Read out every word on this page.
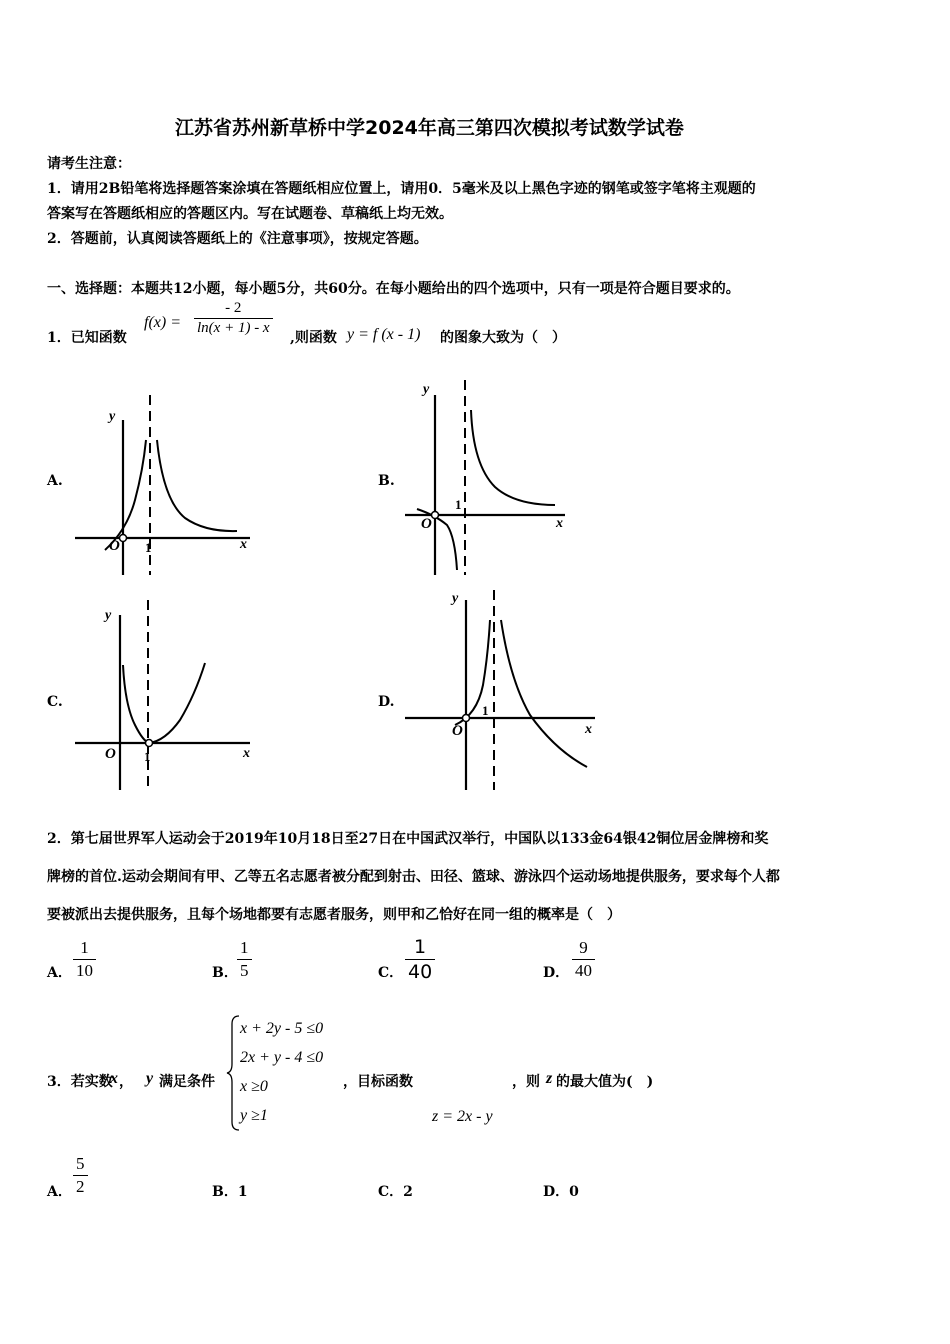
江苏省苏州新草桥中学2024年高三第四次模拟考试数学试卷
请考生注意：
1．请用2B铅笔将选择题答案涂填在答题纸相应位置上，请用0．5毫米及以上黑色字迹的钢笔或签字笔将主观题的
答案写在答题纸相应的答题区内。写在试题卷、草稿纸上均无效。
2．答题前，认真阅读答题纸上的《注意事项》，按规定答题。
一、选择题：本题共12小题，每小题5分，共60分。在每小题给出的四个选项中，只有一项是符合题目要求的。
1．已知函数
f(x) =
- 2
ln(x + 1) - x
,则函数 y = f (x - 1) 的图象大致为（　）
A.
y
x
O 1
B.
y
x
O
1
C.
y
x
O 1
D.
y
x
O
1
2．第七届世界军人运动会于2019年10月18日至27日在中国武汉举行，中国队以133金64银42铜位居金牌榜和奖
牌榜的首位.运动会期间有甲、乙等五名志愿者被分配到射击、田径、篮球、游泳四个运动场地提供服务，要求每个人都
要被派出去提供服务，且每个场地都要有志愿者服务，则甲和乙恰好在同一组的概率是（　）
A．
1
10	B．
1
5	C．
1
40	D．
9
40
3．若实数
x ， y 满足条件
x + 2y - 5 ≤0
2x + y - 4 ≤0
x ≥0
y ≥1
，目标函数
z = 2x - y
，则 z 的最大值为(　)
A．
5
2	B．1	C．2	D．0
